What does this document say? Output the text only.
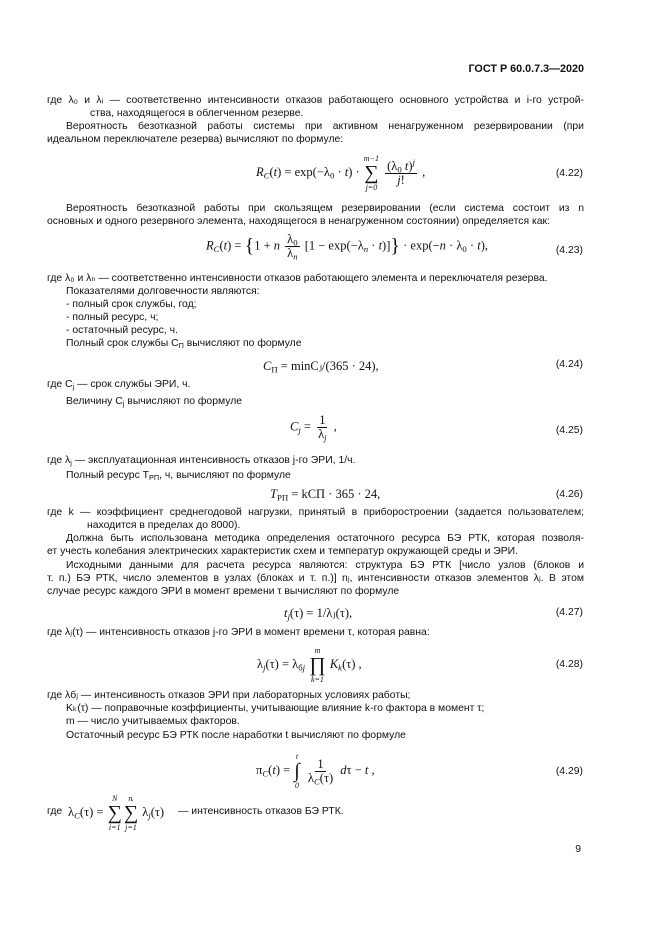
ГОСТ Р 60.0.7.3—2020
где λ₀ и λᵢ — соответственно интенсивности отказов работающего основного устройства и i-го устрой-
ства, находящегося в облегченном резерве.
Вероятность безотказной работы системы при активном ненагруженном резервировании (при
идеальном переключателе резерва) вычисляют по формуле:
$R_C(t) = \exp(-\lambda_0 \cdot t)$ ·
m−1
∑
j=0

$\frac{(\lambda_0 t)^j}{j!}$ ,	(4.22)
Вероятность безотказной работы при скользящем резервировании (если система состоит из n
основных и одного резервного элемента, находящегося в ненагруженном состоянии) определяется как:
$R_C(t) = \{1 + n \frac{\lambda_0}{\lambda_n} [1 - \exp(-\lambda_n \cdot t)]\} \cdot \exp(-n \cdot \lambda_0 \cdot t)$,	(4.23)
где λ₀ и λₙ — соответственно интенсивности отказов работающего элемента и переключателя резерва.
Показателями долговечности являются:
- полный срок службы, год;
- полный ресурс, ч;
- остаточный ресурс, ч.
Полный срок службы $C_П$ вычисляют по формуле
$C_П$ = minCⱼ/(365 · 24),	(4.24)
где $C_j$ — срок службы ЭРИ, ч.
Величину $C_j$ вычисляют по формуле
$C_j = \frac{1}{\lambda_j}$ ,	(4.25)
где $\lambda_j$ — эксплуатационная интенсивность отказов j-го ЭРИ, 1/ч.
Полный ресурс $T_{РП}$, ч, вычисляют по формуле
$T_{РП}$ = kCП · 365 · 24,	(4.26)
где k — коэффициент среднегодовой нагрузки, принятый в приборостроении (задается пользователем;
находится в пределах до 8000).
Должна быть использована методика определения остаточного ресурса БЭ РТК, которая позволя-
ет учесть колебания электрических характеристик схем и температур окружающей среды и ЭРИ.
Исходными данными для расчета ресурса являются: структура БЭ РТК [число узлов (блоков и
т. п.) БЭ РТК, число элементов в узлах (блоках и т. п.)] nⱼ, интенсивности отказов элементов λⱼ. В этом
случае ресурс каждого ЭРИ в момент времени τ вычисляют по формуле
$t_j(\tau)$ = 1/λⱼ(τ),	(4.27)
где λⱼ(τ) — интенсивность отказов j-го ЭРИ в момент времени τ, которая равна:
$\lambda_j(\tau) = \lambda_{бj}$
m
∏
k=1
$K_k(\tau)$ ,	(4.28)
где λбⱼ — интенсивность отказов ЭРИ при лабораторных условиях работы;
Kₖ(τ) — поправочные коэффициенты, учитывающие влияние k-го фактора в момент τ;
m — число учитываемых факторов.
Остаточный ресурс БЭ РТК после наработки t вычисляют по формуле
$\pi_C(t)$ =
t
∫
0

$\frac{1}{\lambda_C(\tau)}$ dτ − t ,	(4.29)
где $\lambda_C(\tau)$ =
N
∑
i=1
nᵢ
∑
j=1
$\lambda_j(\tau)$ — интенсивность отказов БЭ РТК.
9
